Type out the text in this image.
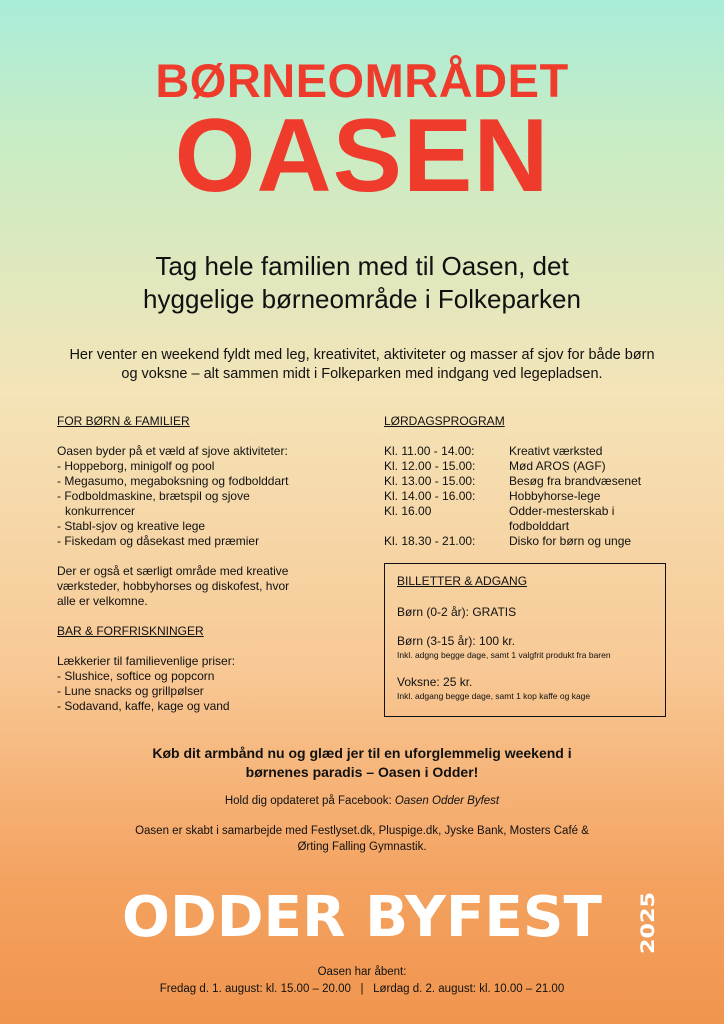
BØRNEOMRÅDET
OASEN
Tag hele familien med til Oasen, det
hyggelige børneområde i Folkeparken
Her venter en weekend fyldt med leg, kreativitet, aktiviteter og masser af sjov for både børn og voksne – alt sammen midt i Folkeparken med indgang ved legepladsen.
FOR BØRN & FAMILIER
Oasen byder på et væld af sjove aktiviteter:
- Hoppeborg, minigolf og pool
- Megasumo, megaboksning og fodbolddart
- Fodboldmaskine, brætspil og sjove konkurrencer
- Stabl-sjov og kreative lege
- Fiskedam og dåsekast med præmier
Der er også et særligt område med kreative værksteder, hobbyhorses og diskofest, hvor alle er velkomne.
BAR & FORFRISKNINGER
Lækkerier til familievenlige priser:
- Slushice, softice og popcorn
- Lune snacks og grillpølser
- Sodavand, kaffe, kage og vand
LØRDAGSPROGRAM
Kl. 11.00 - 14.00:	Kreativt værksted
Kl. 12.00 - 15.00:	Mød AROS (AGF)
Kl. 13.00 - 15.00:	Besøg fra brandvæsenet
Kl. 14.00 - 16.00:	Hobbyhorse-lege
Kl. 16.00	Odder-mesterskab i fodbolddart
Kl. 18.30 - 21.00:	Disko for børn og unge
BILLETTER & ADGANG
Børn (0-2 år): GRATIS
Børn (3-15 år): 100 kr.
Inkl. adgng begge dage, samt 1 valgfrit produkt fra baren
Voksne: 25 kr.
Inkl. adgang begge dage, samt 1 kop kaffe og kage
Køb dit armbånd nu og glæd jer til en uforglemmelig weekend i
børnenes paradis – Oasen i Odder!
Hold dig opdateret på Facebook: Oasen Odder Byfest
Oasen er skabt i samarbejde med Festlyset.dk, Pluspige.dk, Jyske Bank, Mosters Café & Ørting Falling Gymnastik.
ODDER BYFEST 2025
Oasen har åbent:
Fredag d. 1. august: kl. 15.00 – 20.00   |   Lørdag d. 2. august: kl. 10.00 – 21.00
